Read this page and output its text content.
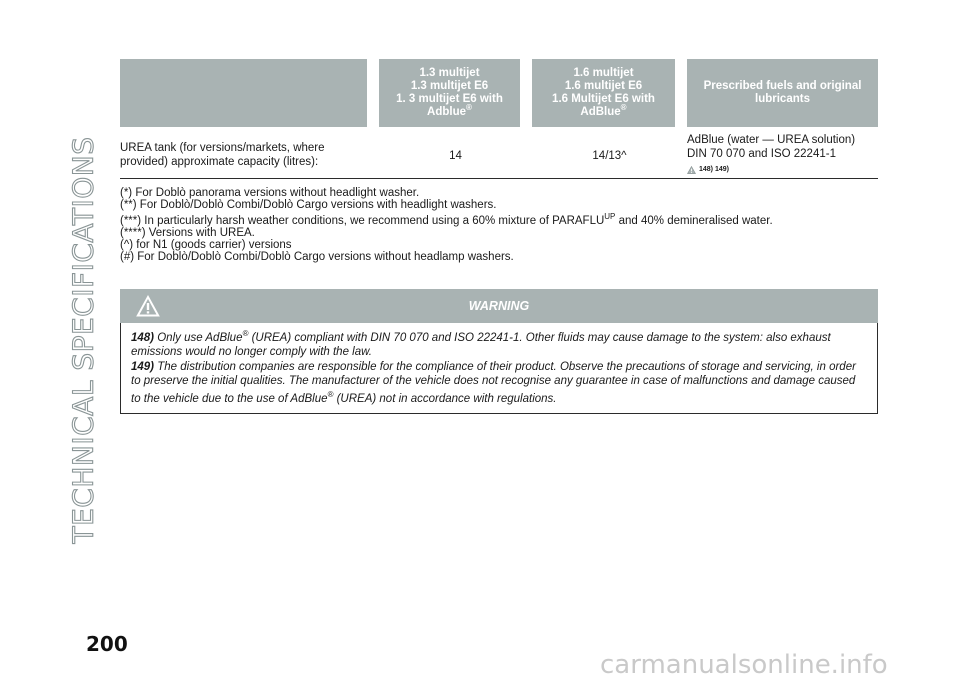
TECHNICAL SPECIFICATIONS
1.3 multijet
1.3 multijet E6
1. 3 multijet E6 with
Adblue®
1.6 multijet
1.6 multijet E6
1.6 Multijet E6 with
AdBlue®
Prescribed fuels and original
lubricants
UREA tank (for versions/markets, where
provided) approximate capacity (litres):	14	14/13^
AdBlue (water — UREA solution)
DIN 70 070 and ISO 22241-1
148) 149)
(*) For Doblò panorama versions without headlight washer.
(**) For Doblò/Doblò Combi/Doblò Cargo versions with headlight washers.
(***) In particularly harsh weather conditions, we recommend using a 60% mixture of $PARAFLU^{UP}$ and 40% demineralised water.
(****) Versions with UREA.
(^) for N1 (goods carrier) versions
(#) For Doblò/Doblò Combi/Doblò Cargo versions without headlamp washers.
WARNING

148) Only use AdBlue® (UREA) compliant with DIN 70 070 and ISO 22241-1. Other fluids may cause damage to the system: also exhaust emissions would no longer comply with the law.

149) The distribution companies are responsible for the compliance of their product. Observe the precautions of storage and servicing, in order to preserve the initial qualities. The manufacturer of the vehicle does not recognise any guarantee in case of malfunctions and damage caused to the vehicle due to the use of AdBlue® (UREA) not in accordance with regulations.

200
carmanualsonline.info
